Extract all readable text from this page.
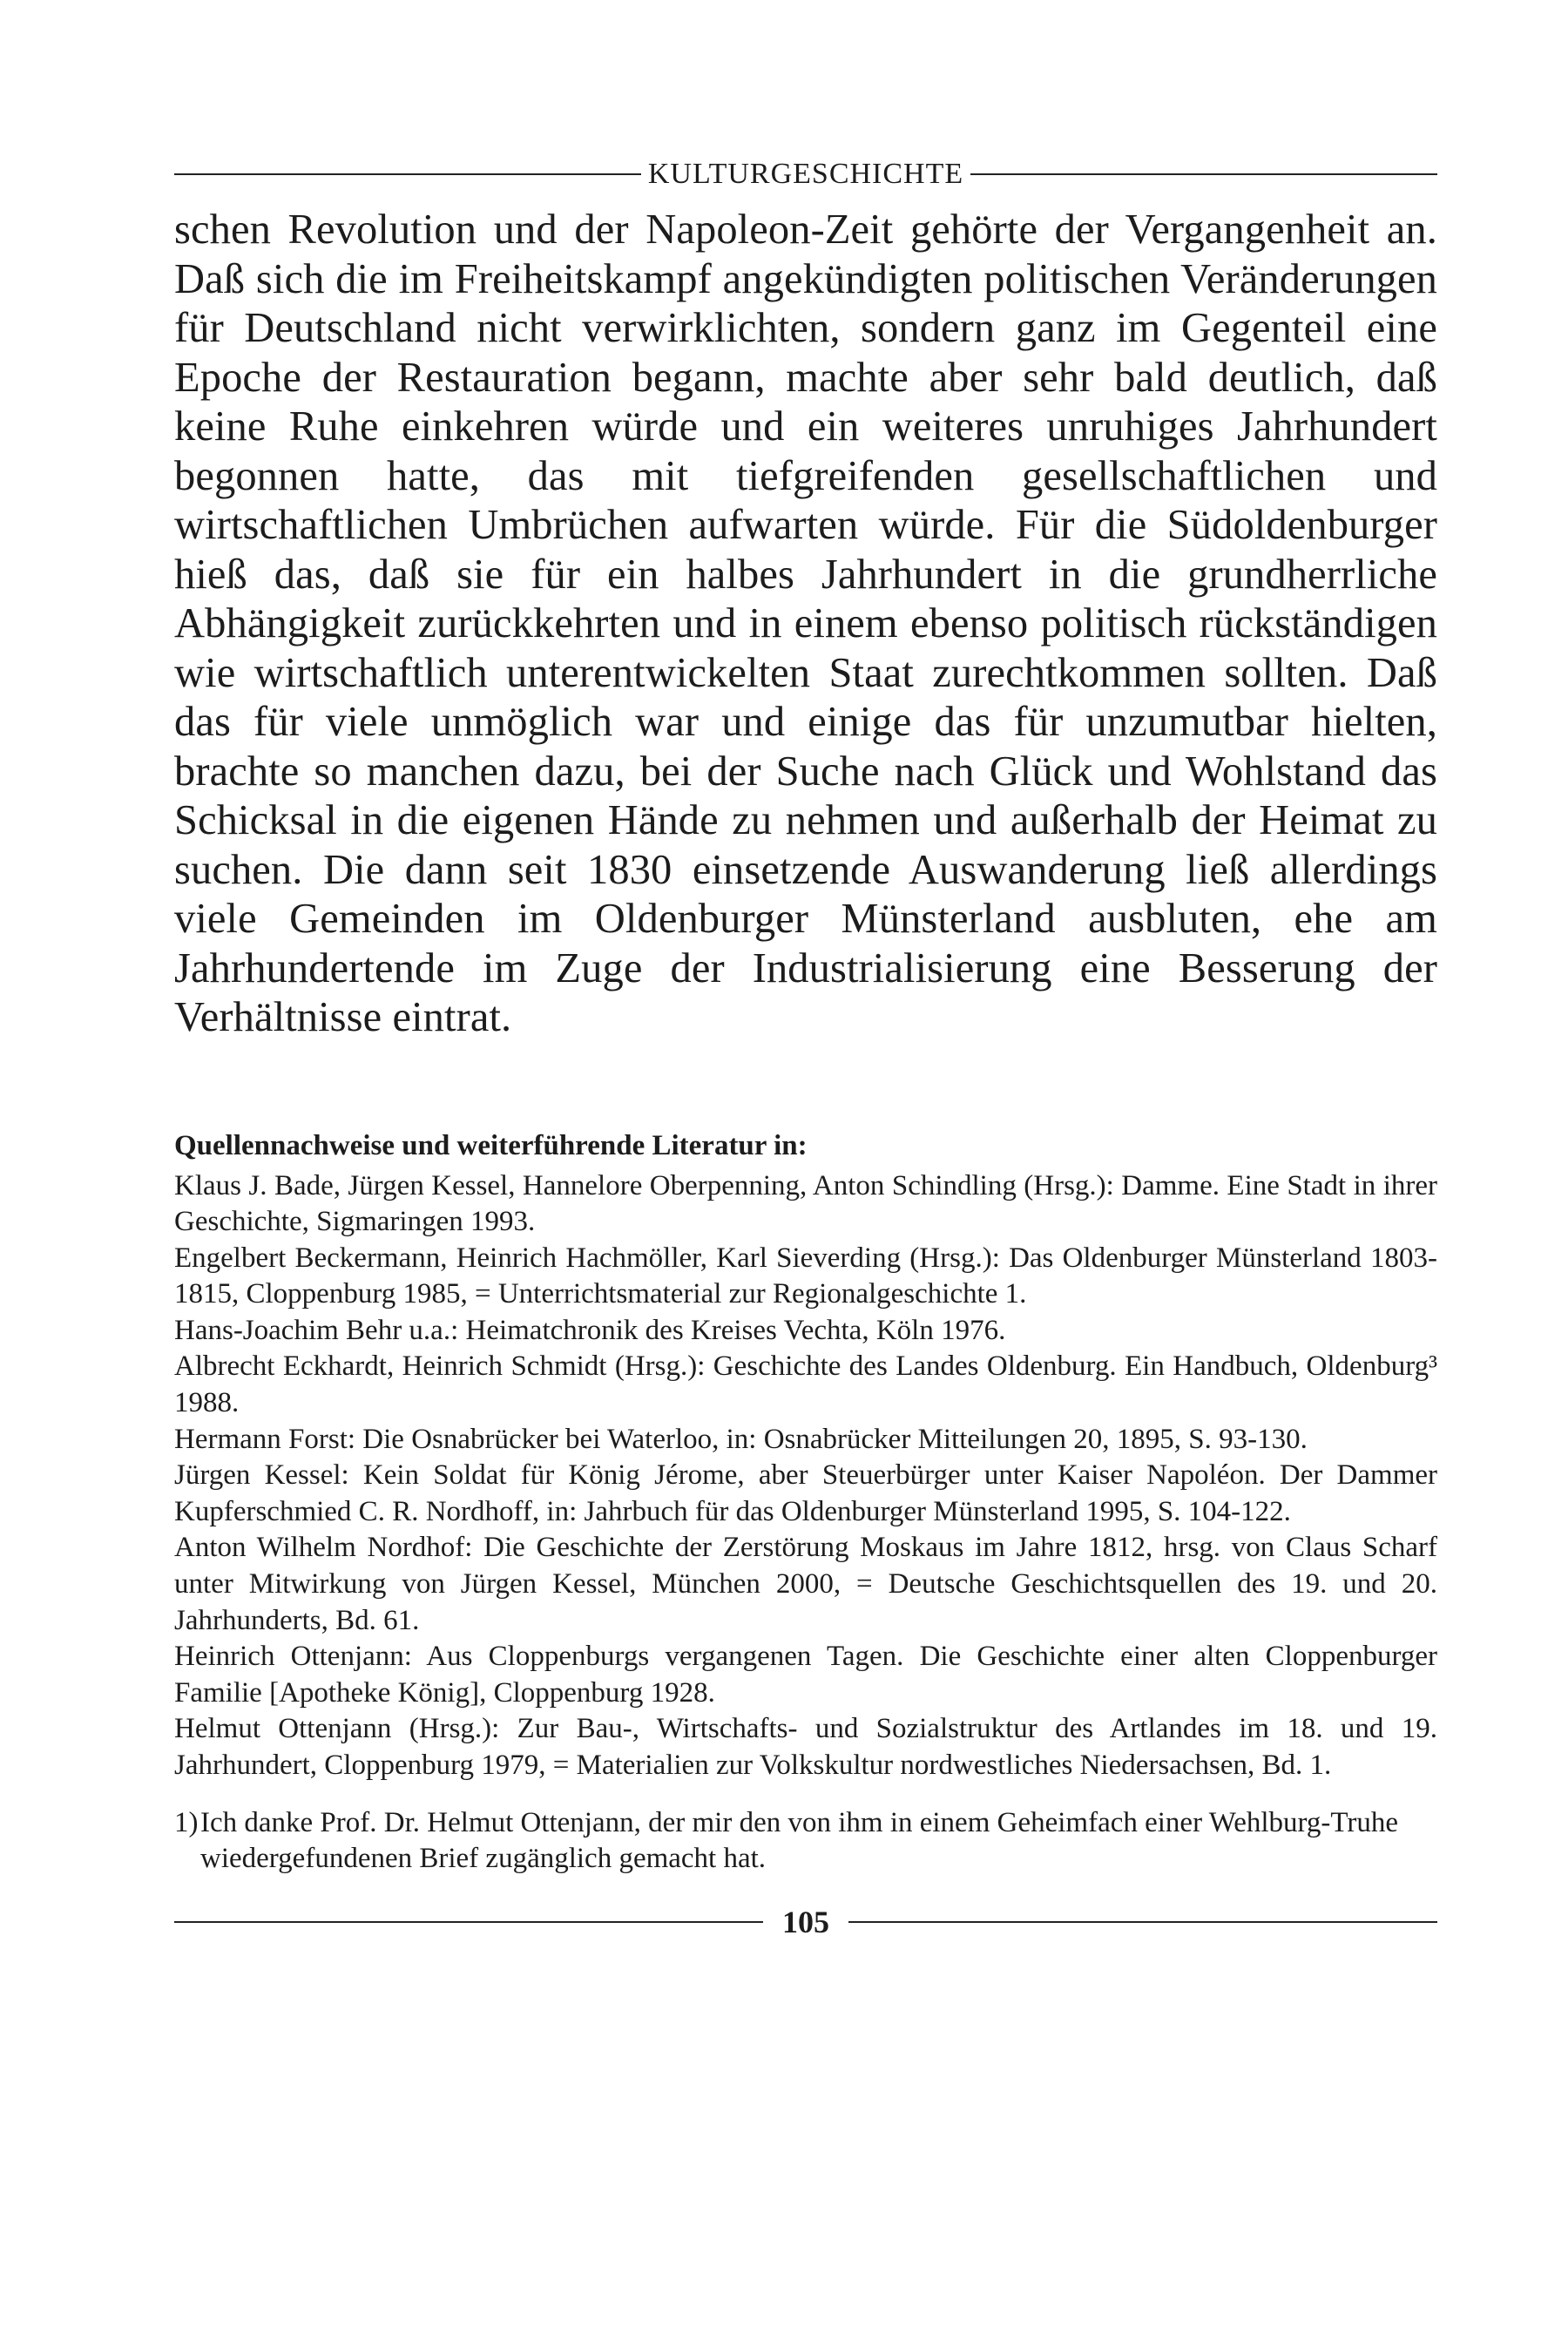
KULTURGESCHICHTE

schen Revolution und der Napoleon-Zeit gehörte der Vergangenheit an. Daß sich die im Freiheitskampf angekündigten politischen Veränderungen für Deutschland nicht verwirklichten, sondern ganz im Gegenteil eine Epoche der Restauration begann, machte aber sehr bald deutlich, daß keine Ruhe einkehren würde und ein weiteres unruhiges Jahrhundert begonnen hatte, das mit tiefgreifenden gesellschaftlichen und wirtschaftlichen Umbrüchen aufwarten würde. Für die Südoldenburger hieß das, daß sie für ein halbes Jahrhundert in die grundherrliche Abhängigkeit zurückkehrten und in einem ebenso politisch rückständigen wie wirtschaftlich unterentwickelten Staat zurechtkommen sollten. Daß das für viele unmöglich war und einige das für unzumutbar hielten, brachte so manchen dazu, bei der Suche nach Glück und Wohlstand das Schicksal in die eigenen Hände zu nehmen und außerhalb der Heimat zu suchen. Die dann seit 1830 einsetzende Auswanderung ließ allerdings viele Gemeinden im Oldenburger Münsterland ausbluten, ehe am Jahrhundertende im Zuge der Industrialisierung eine Besserung der Verhältnisse eintrat.

Quellennachweise und weiterführende Literatur in:
Klaus J. Bade, Jürgen Kessel, Hannelore Oberpenning, Anton Schindling (Hrsg.): Damme. Eine Stadt in ihrer Geschichte, Sigmaringen 1993.
Engelbert Beckermann, Heinrich Hachmöller, Karl Sieverding (Hrsg.): Das Oldenburger Münsterland 1803-1815, Cloppenburg 1985, = Unterrichtsmaterial zur Regionalgeschichte 1.
Hans-Joachim Behr u.a.: Heimatchronik des Kreises Vechta, Köln 1976.
Albrecht Eckhardt, Heinrich Schmidt (Hrsg.): Geschichte des Landes Oldenburg. Ein Handbuch, Oldenburg³ 1988.
Hermann Forst: Die Osnabrücker bei Waterloo, in: Osnabrücker Mitteilungen 20, 1895, S. 93-130.
Jürgen Kessel: Kein Soldat für König Jérome, aber Steuerbürger unter Kaiser Napoléon. Der Dammer Kupferschmied C. R. Nordhoff, in: Jahrbuch für das Oldenburger Münsterland 1995, S. 104-122.
Anton Wilhelm Nordhof: Die Geschichte der Zerstörung Moskaus im Jahre 1812, hrsg. von Claus Scharf unter Mitwirkung von Jürgen Kessel, München 2000, = Deutsche Geschichtsquellen des 19. und 20. Jahrhunderts, Bd. 61.
Heinrich Ottenjann: Aus Cloppenburgs vergangenen Tagen. Die Geschichte einer alten Cloppenburger Familie [Apotheke König], Cloppenburg 1928.
Helmut Ottenjann (Hrsg.): Zur Bau-, Wirtschafts- und Sozialstruktur des Artlandes im 18. und 19. Jahrhundert, Cloppenburg 1979, = Materialien zur Volkskultur nordwestliches Niedersachsen, Bd. 1.
1) Ich danke Prof. Dr. Helmut Ottenjann, der mir den von ihm in einem Geheimfach einer Wehlburg-Truhe wiedergefundenen Brief zugänglich gemacht hat.
105
